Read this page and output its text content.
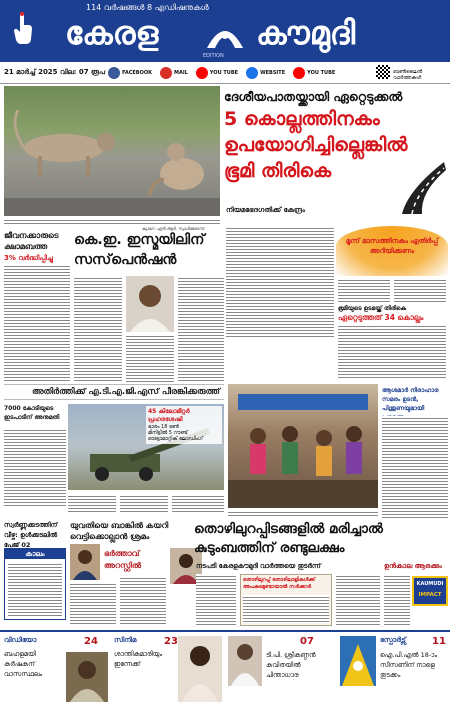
114 വർഷങ്ങൾ 8 എഡിഷനുകൾ
കേരള	കൗമുദി
EDITION
21 മാർച്ച് 2025 വില: 07 രൂപ	FACEBOOK	MAIL	YOU TUBE	WEBSITE	YOU TUBE	ഓൺലൈൻ വാർത്തകൾ
ക്യാമറ: എൻ.ആർ. സുധർമ്മദാസ്
ദേശീയപാതയ്ക്കായി ഏറ്റെടുക്കൽ
5 കൊല്ലത്തിനകം
ഉപയോഗിച്ചില്ലെങ്കിൽ
ഭൂമി തിരികെ
നിയമഭേദഗതിക്ക് കേന്ദ്രം
മൂന്ന് മാസത്തിനകം എതിർപ്പ് അറിയിക്കണം
ഭൂമിയുടെ ഉടമയ്ക്ക് തിരികെ
ഏറ്റെടുത്തത് 34 കൊല്ലം
ജീവനക്കാരുടെ ക്ഷാമബത്ത
3% വർദ്ധിപ്പിച്ചു
കെ.ഇ. ഇസ്മയിലിന്
സസ്‌പെൻഷൻ
അതിർത്തിക്ക് എ.ടി.എ.ജി.എസ് പീരങ്കിക്കരുത്ത്
7000 കോടിയുടെ ഇടപാടിന് അനുമതി
45 കിലോമീറ്റർ പ്രഹരശേഷി
ഭാരം 18 ടൺ
മിനിട്ടിൽ 5 റൗണ്ട്
ഓട്ടോമാറ്റിക് ലോഡിംഗ്
ആശമാർ നിരാഹാര സമരം ഉടൻ, പിന്തുണയുമായി
സ്വർണ്ണക്കടത്തിന് വീഴ്ച: ഉൾക്കടലിൽ പേജ് 02
കാലം
യുവതിയെ ബാങ്കിൽ കയറി വെട്ടിക്കൊല്ലാൻ ശ്രമം
ഭർത്താവ് അറസ്റ്റിൽ
തൊഴിലുറപ്പിടങ്ങളിൽ മരിച്ചാൽ
കുടുംബത്തിന് രണ്ടുലക്ഷം
നടപടി കേരളകൗമുദി വാർത്തയെ തുടർന്ന്
തൊഴിലുറപ്പ് തൊഴിലാളികൾക്ക് അപകടമുണ്ടായാൽ സർക്കാർ
ഉൻകാല ആരക്കും
KAUMUDI
IMPACT
വിഡിയോ	24
ബഹളമയി കർഷകന് വാസസ്ഥലം
സിനിമ	23
ശാന്തികുമാരിയും ഇന്നേക്ക്
07
ടി.പി. ശ്രീകണ്ഠൻ കവിതയിൽ ചിന്താധാര
സ്പോർട്സ്	11
ഐ.പി.എൽ 18-ാം സീസണിന് നാളെ തുടക്കം
